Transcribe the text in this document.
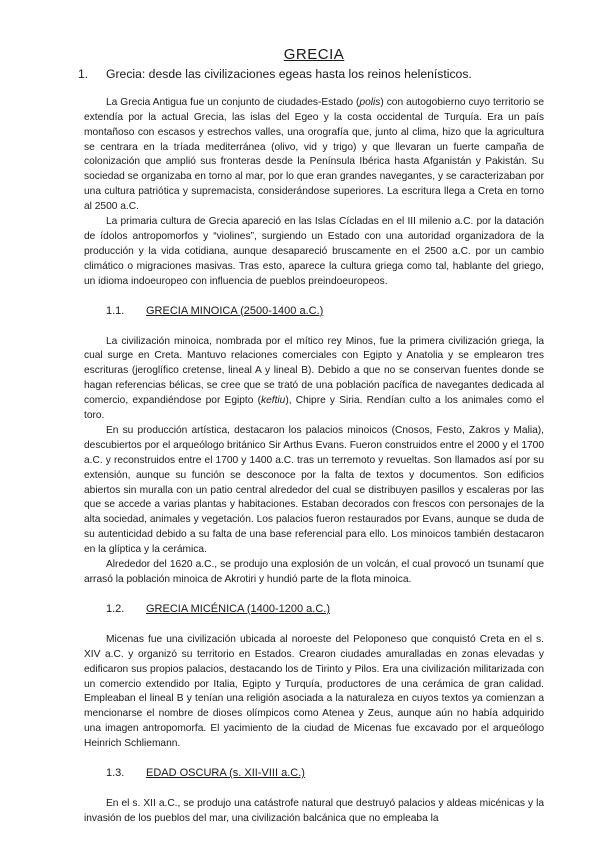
GRECIA
1.	Grecia: desde las civilizaciones egeas hasta los reinos helenísticos.

La Grecia Antigua fue un conjunto de ciudades-Estado (polis) con autogobierno cuyo territorio se extendía por la actual Grecia, las islas del Egeo y la costa occidental de Turquía. Era un país montañoso con escasos y estrechos valles, una orografía que, junto al clima, hizo que la agricultura se centrara en la tríada mediterránea (olivo, vid y trigo) y que llevaran un fuerte campaña de colonización que amplió sus fronteras desde la Península Ibérica hasta Afganistán y Pakistán. Su sociedad se organizaba en torno al mar, por lo que eran grandes navegantes, y se caracterizaban por una cultura patriótica y supremacista, considerándose superiores. La escritura llega a Creta en torno al 2500 a.C.

La primaria cultura de Grecia apareció en las Islas Cícladas en el III milenio a.C. por la datación de ídolos antropomorfos y “violines”, surgiendo un Estado con una autoridad organizadora de la producción y la vida cotidiana, aunque desapareció bruscamente en el 2500 a.C. por un cambio climático o migraciones masivas. Tras esto, aparece la cultura griega como tal, hablante del griego, un idioma indoeuropeo con influencia de pueblos preindoeuropeos.

1.1.	GRECIA MINOICA (2500-1400 a.C.)

La civilización minoica, nombrada por el mítico rey Minos, fue la primera civilización griega, la cual surge en Creta. Mantuvo relaciones comerciales con Egipto y Anatolia y se emplearon tres escrituras (jeroglífico cretense, lineal A y lineal B). Debido a que no se conservan fuentes donde se hagan referencias bélicas, se cree que se trató de una población pacífica de navegantes dedicada al comercio, expandiéndose por Egipto (keftiu), Chipre y Siria. Rendían culto a los animales como el toro.

En su producción artística, destacaron los palacios minoicos (Cnosos, Festo, Zakros y Malia), descubiertos por el arqueólogo británico Sir Arthus Evans. Fueron construidos entre el 2000 y el 1700 a.C. y reconstruidos entre el 1700 y 1400 a.C. tras un terremoto y revueltas. Son llamados así por su extensión, aunque su función se desconoce por la falta de textos y documentos. Son edificios abiertos sin muralla con un patio central alrededor del cual se distribuyen pasillos y escaleras por las que se accede a varias plantas y habitaciones. Estaban decorados con frescos con personajes de la alta sociedad, animales y vegetación. Los palacios fueron restaurados por Evans, aunque se duda de su autenticidad debido a su falta de una base referencial para ello. Los minoicos también destacaron en la glíptica y la cerámica.

Alrededor del 1620 a.C., se produjo una explosión de un volcán, el cual provocó un tsunamí que arrasó la población minoica de Akrotiri y hundió parte de la flota minoica.

1.2.	GRECIA MICÉNICA (1400-1200 a.C.)

Micenas fue una civilización ubicada al noroeste del Peloponeso que conquistó Creta en el s. XIV a.C. y organizó su territorio en Estados. Crearon ciudades amuralladas en zonas elevadas y edificaron sus propios palacios, destacando los de Tirinto y Pilos. Era una civilización militarizada con un comercio extendido por Italia, Egipto y Turquía, productores de una cerámica de gran calidad. Empleaban el lineal B y tenían una religión asociada a la naturaleza en cuyos textos ya comienzan a mencionarse el nombre de dioses olímpicos como Atenea y Zeus, aunque aún no había adquirido una imagen antropomorfa. El yacimiento de la ciudad de Micenas fue excavado por el arqueólogo Heinrich Schliemann.

1.3.	EDAD OSCURA (s. XII-VIII a.C.)

En el s. XII a.C., se produjo una catástrofe natural que destruyó palacios y aldeas micénicas y la invasión de los pueblos del mar, una civilización balcánica que no empleaba la
